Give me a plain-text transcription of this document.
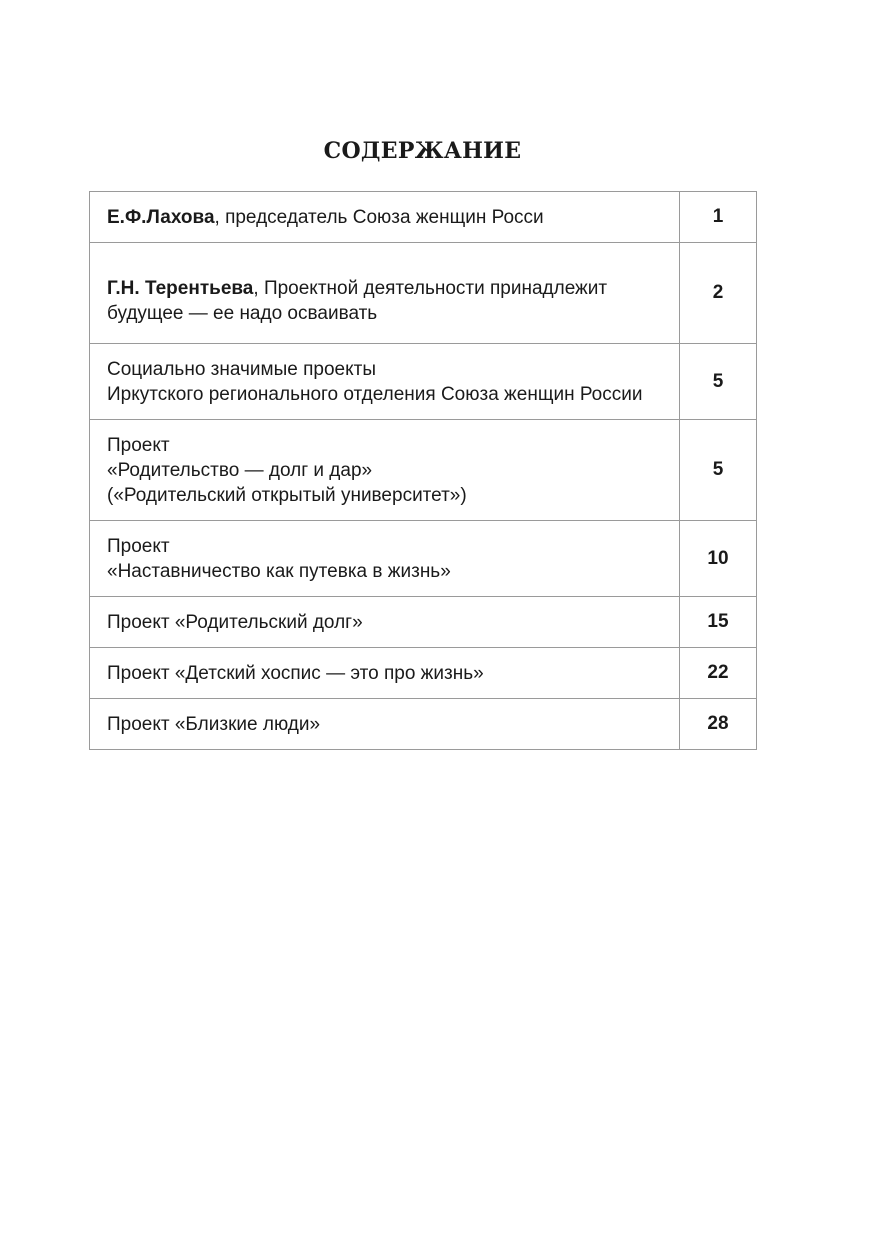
СОДЕРЖАНИЕ
Е.Ф.Лахова, председатель Союза женщин Росси	1

Г.Н. Терентьева, Проектной деятельности принадлежит
будущее — ее надо осваивать	2

Социально значимые проекты
Иркутского регионального отделения Союза женщин России	5

Проект
«Родительство — долг и дар»
(«Родительский открытый университет»)	5

Проект
«Наставничество как путевка в жизнь»	10
Проект «Родительский долг»	15
Проект «Детский хоспис — это про жизнь»	22
Проект «Близкие люди»	28
